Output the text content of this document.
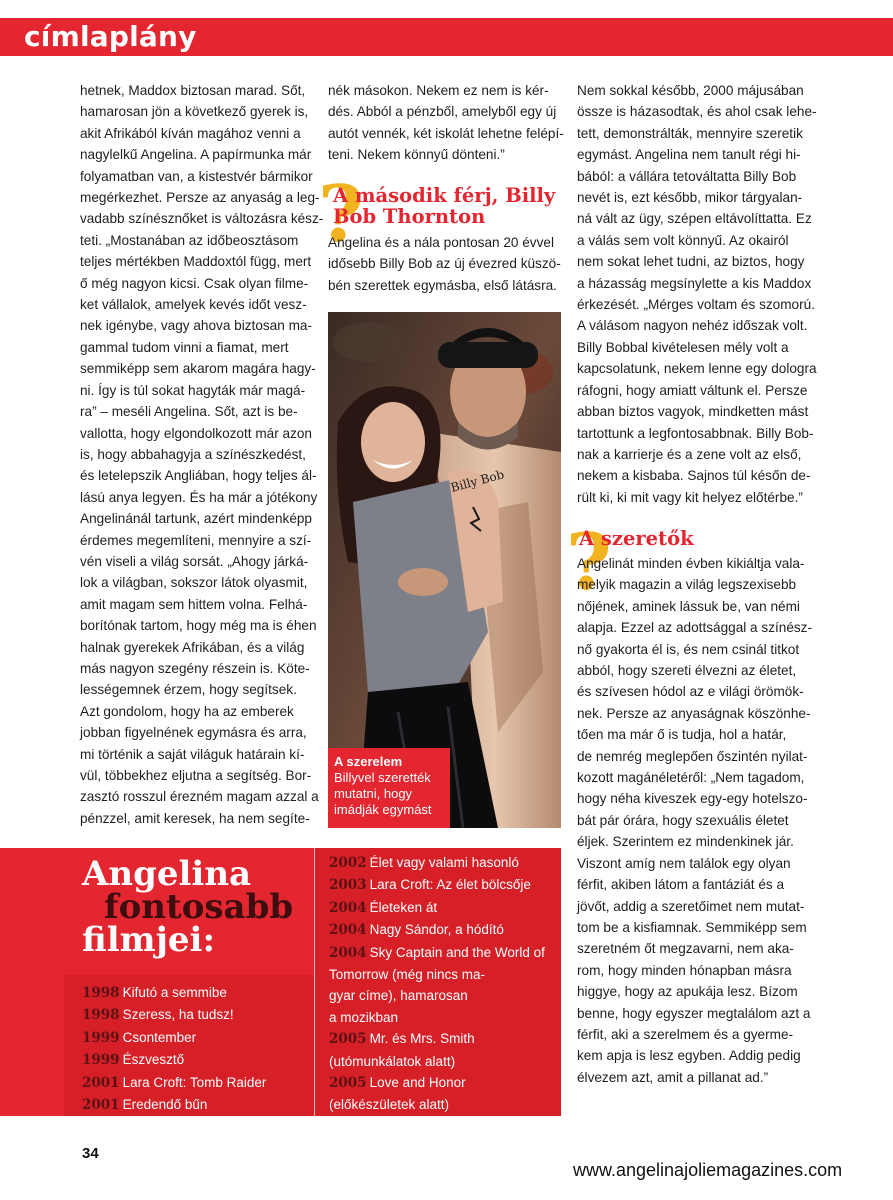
címlaplány

hetnek, Maddox biztosan marad. Sőt,

hamarosan jön a következő gyerek is,

akit Afrikából kíván magához venni a

nagylelkű Angelina. A papírmunka már

folyamatban van, a kistestvér bármikor

megérkezhet. Persze az anyaság a leg-

vadabb színésznőket is változásra kész-

teti. „Mostanában az időbeosztásom

teljes mértékben Maddoxtól függ, mert

ő még nagyon kicsi. Csak olyan filme-

ket vállalok, amelyek kevés időt vesz-

nek igénybe, vagy ahova biztosan ma-

gammal tudom vinni a fiamat, mert

semmiképp sem akarom magára hagy-

ni. Így is túl sokat hagyták már magá-

ra” – meséli Angelina. Sőt, azt is be-

vallotta, hogy elgondolkozott már azon

is, hogy abbahagyja a színészkedést,

és letelepszik Angliában, hogy teljes ál-

lású anya legyen. És ha már a jótékony

Angelinánál tartunk, azért mindenképp

érdemes megemlíteni, mennyire a szí-

vén viseli a világ sorsát. „Ahogy járká-

lok a világban, sokszor látok olyasmit,

amit magam sem hittem volna. Felhá-

borítónak tartom, hogy még ma is éhen

halnak gyerekek Afrikában, és a világ

más nagyon szegény részein is. Köte-

lességemnek érzem, hogy segítsek.

Azt gondolom, hogy ha az emberek

jobban figyelnének egymásra és arra,

mi történik a saját világuk határain kí-

vül, többekhez eljutna a segítség. Bor-

zasztó rosszul érezném magam azzal a

pénzzel, amit keresek, ha nem segíte-

nék másokon. Nekem ez nem is kér-

dés. Abból a pénzből, amelyből egy új

autót vennék, két iskolát lehetne felépí-

teni. Nekem könnyű dönteni.”

?
A második férj, Billy
Bob Thornton

Angelina és a nála pontosan 20 évvel

idősebb Billy Bob az új évezred küszö-

bén szerettek egymásba, első látásra.

Billy Bob
A szerelem
Billyvel szerették mutatni, hogy imádják egymást

Nem sokkal később, 2000 májusában

össze is házasodtak, és ahol csak lehe-

tett, demonstrálták, mennyire szeretik

egymást. Angelina nem tanult régi hi-

bából: a vállára tetováltatta Billy Bob

nevét is, ezt később, mikor tárgyalan-

ná vált az ügy, szépen eltávolíttatta. Ez

a válás sem volt könnyű. Az okairól

nem sokat lehet tudni, az biztos, hogy

a házasság megsínylette a kis Maddox

érkezését. „Mérges voltam és szomorú.

A válásom nagyon nehéz időszak volt.

Billy Bobbal kivételesen mély volt a

kapcsolatunk, nekem lenne egy dologra

ráfogni, hogy amiatt váltunk el. Persze

abban biztos vagyok, mindketten mást

tartottunk a legfontosabbnak. Billy Bob-

nak a karrierje és a zene volt az első,

nekem a kisbaba. Sajnos túl későn de-

rült ki, ki mit vagy kit helyez előtérbe.”

?
A szeretők

Angelinát minden évben kikiáltja vala-

melyik magazin a világ legszexisebb

nőjének, aminek lássuk be, van némi

alapja. Ezzel az adottsággal a színész-

nő gyakorta él is, és nem csinál titkot

abból, hogy szereti élvezni az életet,

és szívesen hódol az e világi örömök-

nek. Persze az anyaságnak köszönhe-

tően ma már ő is tudja, hol a határ,

de nemrég meglepően őszintén nyilat-

kozott magánéletéről: „Nem tagadom,

hogy néha kiveszek egy-egy hotelszo-

bát pár órára, hogy szexuális életet

éljek. Szerintem ez mindenkinek jár.

Viszont amíg nem találok egy olyan

férfit, akiben látom a fantáziát és a

jövőt, addig a szeretőimet nem mutat-

tom be a kisfiamnak. Semmiképp sem

szeretném őt megzavarni, nem aka-

rom, hogy minden hónapban másra

higgye, hogy az apukája lesz. Bízom

benne, hogy egyszer megtalálom azt a

férfit, aki a szerelmem és a gyerme-

kem apja is lesz egyben. Addig pedig

élvezem azt, amit a pillanat ad.”

Angelina
fontosabb
filmjei:
1998 Kifutó a semmibe
1998 Szeress, ha tudsz!
1999 Csontember
1999 Észvesztő
2001 Lara Croft: Tomb Raider
2001 Eredendő bűn
2002 Élet vagy valami hasonló
2003 Lara Croft: Az élet bölcsője
2004 Életeken át
2004 Nagy Sándor, a hódító
2004 Sky Captain and the World of
Tomorrow (még nincs ma-
gyar címe), hamarosan
a mozikban
2005 Mr. és Mrs. Smith
(utómunkálatok alatt)
2005 Love and Honor
(előkészületek alatt)
34
www.angelinajoliemagazines.com
